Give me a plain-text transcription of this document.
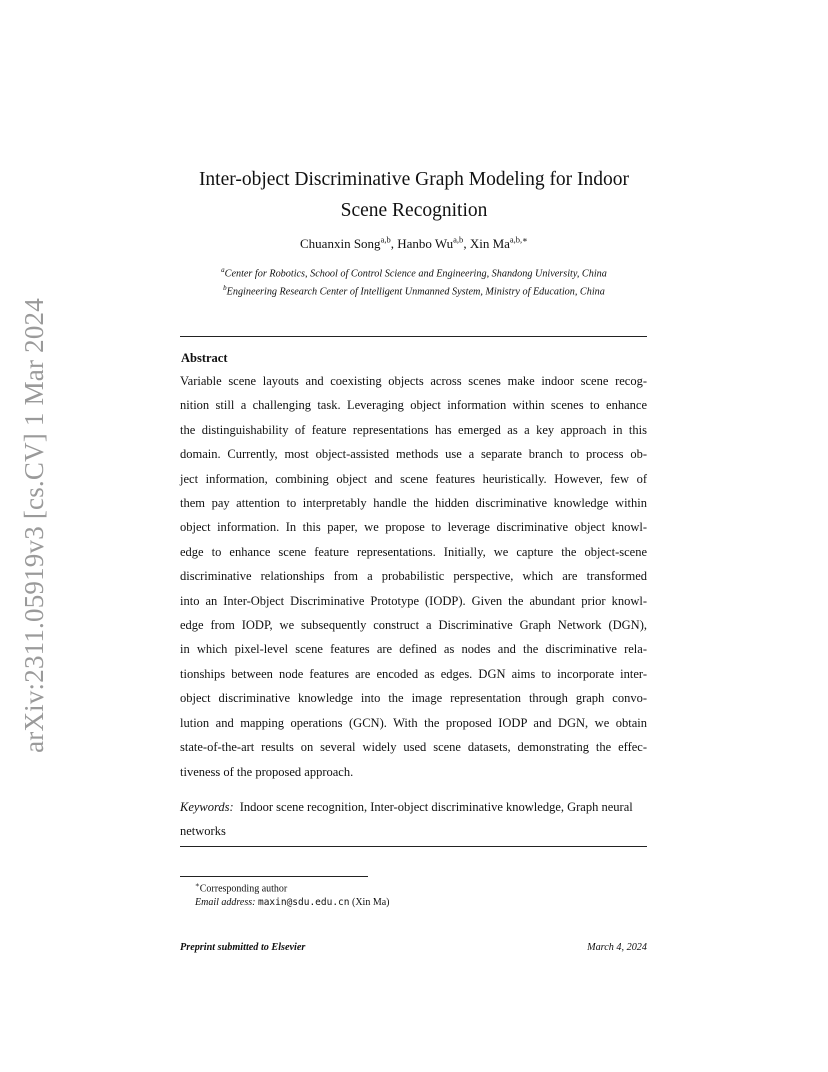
arXiv:2311.05919v3 [cs.CV] 1 Mar 2024
Inter-object Discriminative Graph Modeling for Indoor
Scene Recognition
Chuanxin Song$^{a,b}$, Hanbo Wu$^{a,b}$, Xin $Ma^{a,b,∗}$
$^a$Center for Robotics, School of Control Science and Engineering, Shandong University, China
$^b$Engineering Research Center of Intelligent Unmanned System, Ministry of Education, China
Abstract
Variable scene layouts and coexisting objects across scenes make indoor scene recog-
nition still a challenging task. Leveraging object information within scenes to enhance
the distinguishability of feature representations has emerged as a key approach in this
domain. Currently, most object-assisted methods use a separate branch to process ob-
ject information, combining object and scene features heuristically. However, few of
them pay attention to interpretably handle the hidden discriminative knowledge within
object information. In this paper, we propose to leverage discriminative object knowl-
edge to enhance scene feature representations. Initially, we capture the object-scene
discriminative relationships from a probabilistic perspective, which are transformed
into an Inter-Object Discriminative Prototype (IODP). Given the abundant prior knowl-
edge from IODP, we subsequently construct a Discriminative Graph Network (DGN),
in which pixel-level scene features are defined as nodes and the discriminative rela-
tionships between node features are encoded as edges. DGN aims to incorporate inter-
object discriminative knowledge into the image representation through graph convo-
lution and mapping operations (GCN). With the proposed IODP and DGN, we obtain
state-of-the-art results on several widely used scene datasets, demonstrating the effec-
tiveness of the proposed approach.
Keywords: Indoor scene recognition, Inter-object discriminative knowledge, Graph neural networks
∗Corresponding author
Email address: maxin@sdu.edu.cn (Xin Ma)
Preprint submitted to Elsevier	March 4, 2024
